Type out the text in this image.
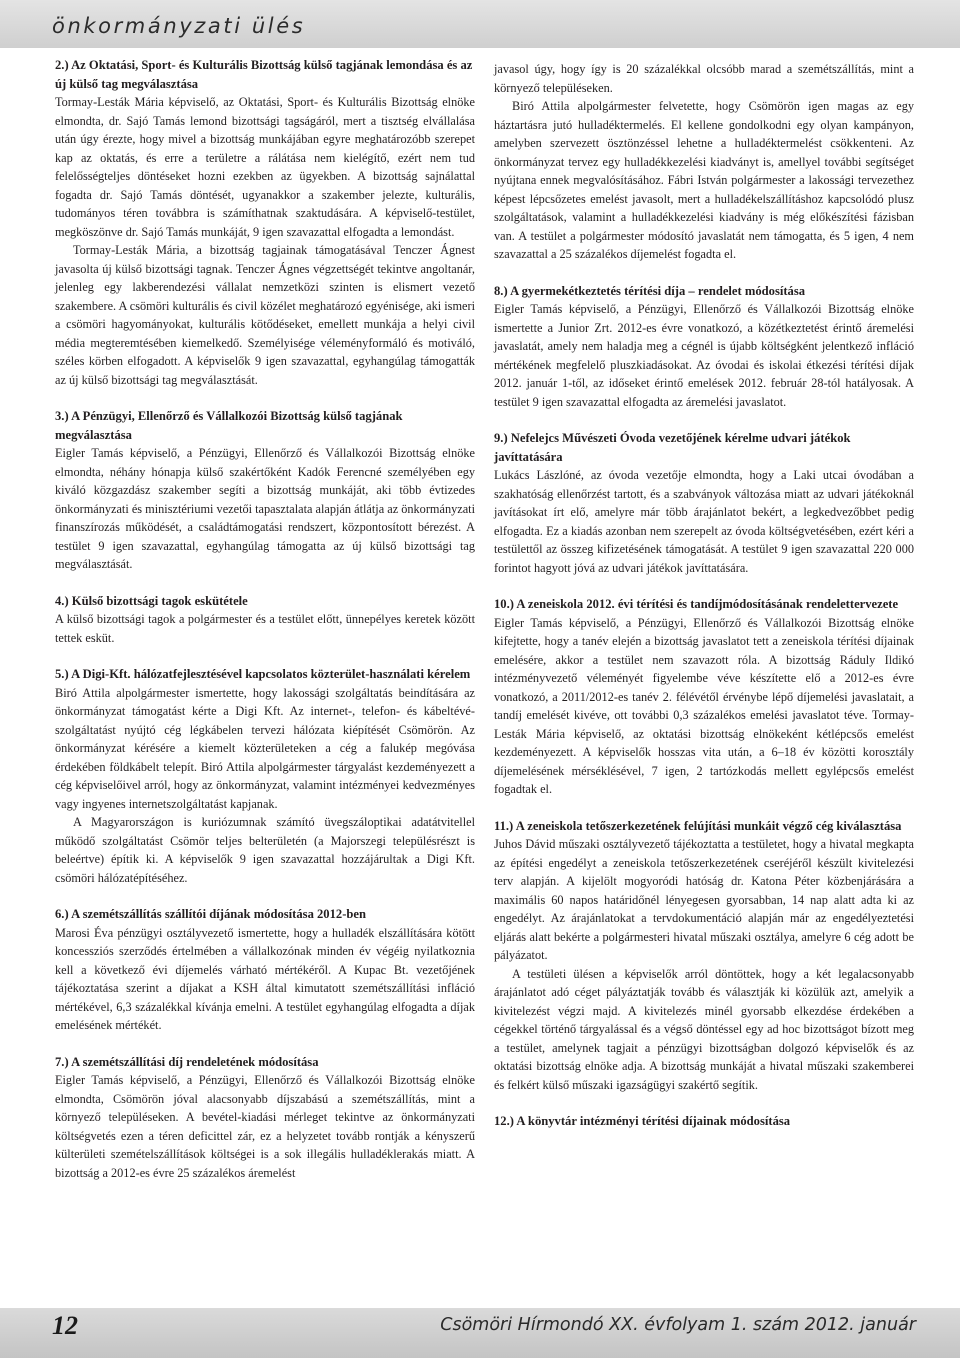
önkormányzati ülés
2.) Az Oktatási, Sport- és Kulturális Bizottság külső tagjának lemondása és az új külső tag megválasztása

Tormay-Lesták Mária képviselő, az Oktatási, Sport- és Kulturális Bizottság elnöke elmondta, dr. Sajó Tamás lemond bizottsági tagságáról, mert a tisztség elvállalása után úgy érezte, hogy mivel a bizottság munkájában egyre meghatározóbb szerepet kap az oktatás, és erre a területre a rálátása nem kielégítő, ezért nem tud felelősségteljes döntéseket hozni ezekben az ügyekben. A bizottság sajnálattal fogadta dr. Sajó Tamás döntését, ugyanakkor a szakember jelezte, kulturális, tudományos téren továbbra is számíthatnak szaktudására. A képviselő-testület, megköszönve dr. Sajó Tamás munkáját, 9 igen szavazattal elfogadta a lemondást.

Tormay-Lesták Mária, a bizottság tagjainak támogatásával Tenczer Ágnest javasolta új külső bizottsági tagnak. Tenczer Ágnes végzettségét tekintve angoltanár, jelenleg egy lakberendezési vállalat nemzetközi szinten is elismert vezető szakembere. A csömöri kulturális és civil közélet meghatározó egyénisége, aki ismeri a csömöri hagyományokat, kulturális kötődéseket, emellett munkája a helyi civil média megteremtésében kiemelkedő. Személyisége véleményformáló és motiváló, széles körben elfogadott. A képviselők 9 igen szavazattal, egyhangúlag támogatták az új külső bizottsági tag megválasztását.

3.) A Pénzügyi, Ellenőrző és Vállalkozói Bizottság külső tagjának megválasztása

Eigler Tamás képviselő, a Pénzügyi, Ellenőrző és Vállalkozói Bizottság elnöke elmondta, néhány hónapja külső szakértőként Kadók Ferencné személyében egy kiváló közgazdász szakember segíti a bizottság munkáját, aki több évtizedes önkormányzati és minisztériumi vezetői tapasztalata alapján átlátja az önkormányzati finanszírozás működését, a családtámogatási rendszert, központosított bérezést. A testület 9 igen szavazattal, egyhangúlag támogatta az új külső bizottsági tag megválasztását.

4.) Külső bizottsági tagok eskütétele

A külső bizottsági tagok a polgármester és a testület előtt, ünnepélyes keretek között tettek esküt.

5.) A Digi-Kft. hálózatfejlesztésével kapcsolatos közterület-használati kérelem

Biró Attila alpolgármester ismertette, hogy lakossági szolgáltatás beindítására az önkormányzat támogatást kérte a Digi Kft. Az internet-, telefon- és kábeltévé-szolgáltatást nyújtó cég légkábelen tervezi hálózata kiépítését Csömörön. Az önkormányzat kérésére a kiemelt közterületeken a cég a falukép megóvása érdekében földkábelt telepít. Biró Attila alpolgármester tárgyalást kezdeményezett a cég képviselőivel arról, hogy az önkormányzat, valamint intézményei kedvezményes vagy ingyenes internetszolgáltatást kapjanak.

A Magyarországon is kuriózumnak számító üvegszáloptikai adatátvitellel működő szolgáltatást Csömör teljes belterületén (a Majorszegi településrészt is beleértve) építik ki. A képviselők 9 igen szavazattal hozzájárultak a Digi Kft. csömöri hálózatépítéséhez.

6.) A szemétszállítás szállítói díjának módosítása 2012-ben

Marosi Éva pénzügyi osztályvezető ismertette, hogy a hulladék elszállítására kötött koncessziós szerződés értelmében a vállalkozónak minden év végéig nyilatkoznia kell a következő évi díjemelés várható mértékéről. A Kupac Bt. vezetőjének tájékoztatása szerint a díjakat a KSH által kimutatott szemétszállítási infláció mértékével, 6,3 százalékkal kívánja emelni. A testület egyhangúlag elfogadta a díjak emelésének mértékét.

7.) A szemétszállítási díj rendeletének módosítása

Eigler Tamás képviselő, a Pénzügyi, Ellenőrző és Vállalkozói Bizottság elnöke elmondta, Csömörön jóval alacsonyabb díjszabású a szemétszállítás, mint a környező településeken. A bevétel-kiadási mérleget tekintve az önkormányzati költségvetés ezen a téren deficittel zár, ez a helyzetet tovább rontják a kényszerű külterületi szemételszállítások költségei is a sok illegális hulladéklerakás miatt. A bizottság a 2012-es évre 25 százalékos áremelést

javasol úgy, hogy így is 20 százalékkal olcsóbb marad a szemétszállítás, mint a környező településeken.

Biró Attila alpolgármester felvetette, hogy Csömörön igen magas az egy háztartásra jutó hulladéktermelés. El kellene gondolkodni egy olyan kampányon, amelyben szervezett ösztönzéssel lehetne a hulladéktermelést csökkenteni. Az önkormányzat tervez egy hulladékkezelési kiadványt is, amellyel további segítséget nyújtana ennek megvalósításához. Fábri István polgármester a lakossági tervezethez képest lépcsőzetes emelést javasolt, mert a hulladékelszállításhoz kapcsolódó plusz szolgáltatások, valamint a hulladékkezelési kiadvány is még előkészítési fázisban van. A testület a polgármester módosító javaslatát nem támogatta, és 5 igen, 4 nem szavazattal a 25 százalékos díjemelést fogadta el.

8.) A gyermekétkeztetés térítési díja – rendelet módosítása

Eigler Tamás képviselő, a Pénzügyi, Ellenőrző és Vállalkozói Bizottság elnöke ismertette a Junior Zrt. 2012-es évre vonatkozó, a közétkeztetést érintő áremelési javaslatát, amely nem haladja meg a cégnél is újabb költségként jelentkező infláció mértékének megfelelő pluszkiadásokat. Az óvodai és iskolai étkezési térítési díjak 2012. január 1-től, az időseket érintő emelések 2012. február 28-tól hatályosak. A testület 9 igen szavazattal elfogadta az áremelési javaslatot.

9.) Nefelejcs Művészeti Óvoda vezetőjének kérelme udvari játékok javíttatására

Lukács Lászlóné, az óvoda vezetője elmondta, hogy a Laki utcai óvodában a szakhatóság ellenőrzést tartott, és a szabványok változása miatt az udvari játékoknál javításokat írt elő, amelyre már több árajánlatot bekért, a legkedvezőbbet pedig elfogadta. Ez a kiadás azonban nem szerepelt az óvoda költségvetésében, ezért kéri a testülettől az összeg kifizetésének támogatását. A testület 9 igen szavazattal 220 000 forintot hagyott jóvá az udvari játékok javíttatására.

10.) A zeneiskola 2012. évi térítési és tandíjmódosításának rendelettervezete

Eigler Tamás képviselő, a Pénzügyi, Ellenőrző és Vállalkozói Bizottság elnöke kifejtette, hogy a tanév elején a bizottság javaslatot tett a zeneiskola térítési díjainak emelésére, akkor a testület nem szavazott róla. A bizottság Ráduly Ildikó intézményvezető véleményét figyelembe véve készítette elő a 2012-es évre vonatkozó, a 2011/2012-es tanév 2. félévétől érvénybe lépő díjemelési javaslatait, a tandíj emelését kivéve, ott további 0,3 százalékos emelési javaslatot téve. Tormay-Lesták Mária képviselő, az oktatási bizottság elnökeként kétlépcsős emelést kezdeményezett. A képviselők hosszas vita után, a 6–18 év közötti korosztály díjemelésének mérséklésével, 7 igen, 2 tartózkodás mellett egylépcsős emelést fogadtak el.

11.) A zeneiskola tetőszerkezetének felújítási munkáit végző cég kiválasztása

Juhos Dávid műszaki osztályvezető tájékoztatta a testületet, hogy a hivatal megkapta az építési engedélyt a zeneiskola tetőszerkezetének cseréjéről készült kivitelezési terv alapján. A kijelölt mogyoródi hatóság dr. Katona Péter közbenjárására a maximális 60 napos határidőnél lényegesen gyorsabban, 14 nap alatt adta ki az engedélyt. Az árajánlatokat a tervdokumentáció alapján már az engedélyeztetési eljárás alatt bekérte a polgármesteri hivatal műszaki osztálya, amelyre 6 cég adott be pályázatot.

A testületi ülésen a képviselők arról döntöttek, hogy a két legalacsonyabb árajánlatot adó céget pályáztatják tovább és választják ki közülük azt, amelyik a kivitelezést végzi majd. A kivitelezés minél gyorsabb elkezdése érdekében a cégekkel történő tárgyalással és a végső döntéssel egy ad hoc bizottságot bízott meg a testület, amelynek tagjait a pénzügyi bizottságban dolgozó képviselők és az oktatási bizottság elnöke adja. A bizottság munkáját a hivatal műszaki szakemberei és felkért külső műszaki igazságügyi szakértő segítik.

12.) A könyvtár intézményi térítési díjainak módosítása
12	Csömöri Hírmondó XX. évfolyam 1. szám 2012. január
